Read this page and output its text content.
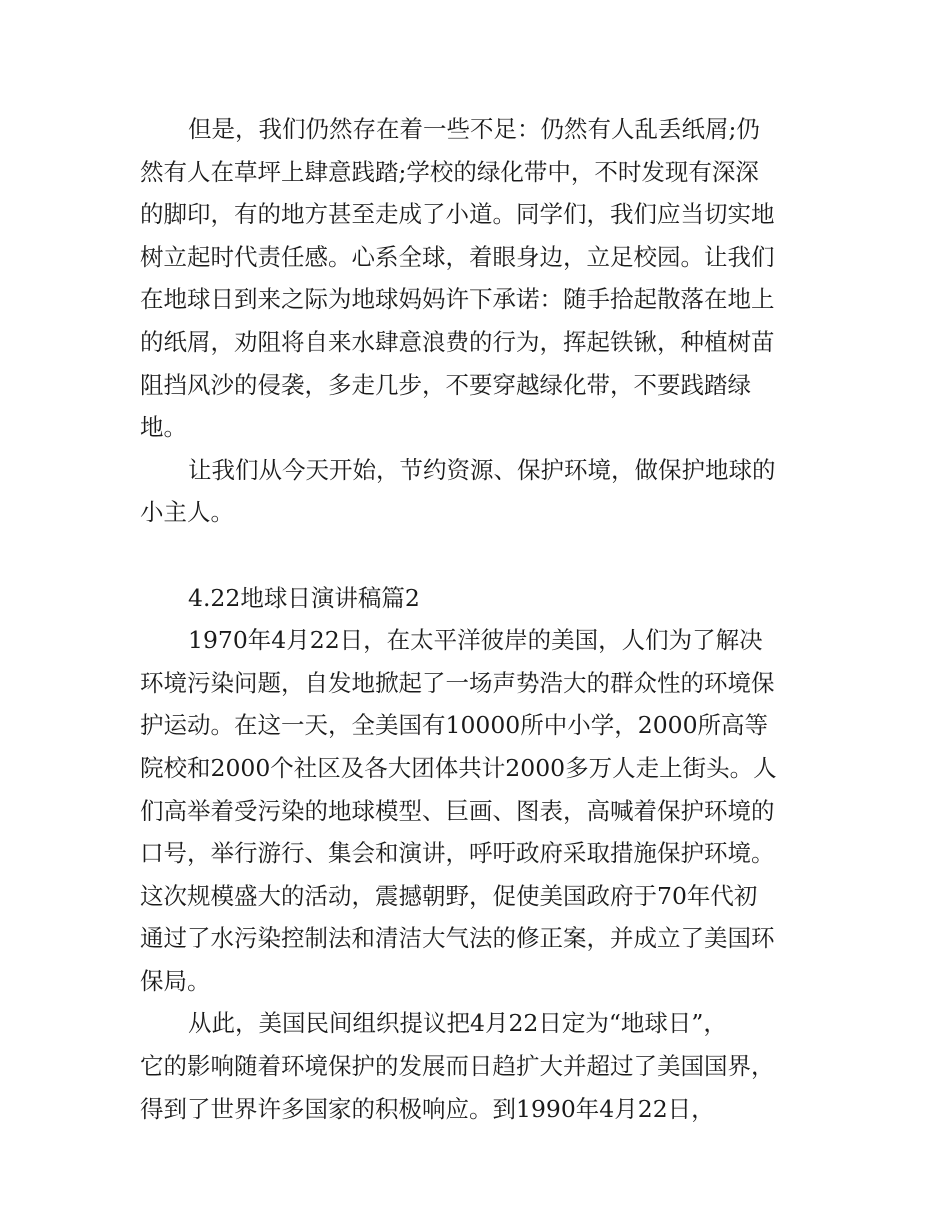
但是，我们仍然存在着一些不足：仍然有人乱丢纸屑;仍
然有人在草坪上肆意践踏;学校的绿化带中，不时发现有深深
的脚印，有的地方甚至走成了小道。同学们，我们应当切实地
树立起时代责任感。心系全球，着眼身边，立足校园。让我们
在地球日到来之际为地球妈妈许下承诺：随手拾起散落在地上
的纸屑，劝阻将自来水肆意浪费的行为，挥起铁锹，种植树苗
阻挡风沙的侵袭，多走几步，不要穿越绿化带，不要践踏绿
地。
让我们从今天开始，节约资源、保护环境，做保护地球的
小主人。
4.22地球日演讲稿篇2
1970年4月22日，在太平洋彼岸的美国，人们为了解决
环境污染问题，自发地掀起了一场声势浩大的群众性的环境保
护运动。在这一天，全美国有10000所中小学，2000所高等
院校和2000个社区及各大团体共计2000多万人走上街头。人
们高举着受污染的地球模型、巨画、图表，高喊着保护环境的
口号，举行游行、集会和演讲，呼吁政府采取措施保护环境。
这次规模盛大的活动，震撼朝野，促使美国政府于70年代初
通过了水污染控制法和清洁大气法的修正案，并成立了美国环
保局。
从此，美国民间组织提议把4月22日定为“地球日”，
它的影响随着环境保护的发展而日趋扩大并超过了美国国界，
得到了世界许多国家的积极响应。到1990年4月22日，
